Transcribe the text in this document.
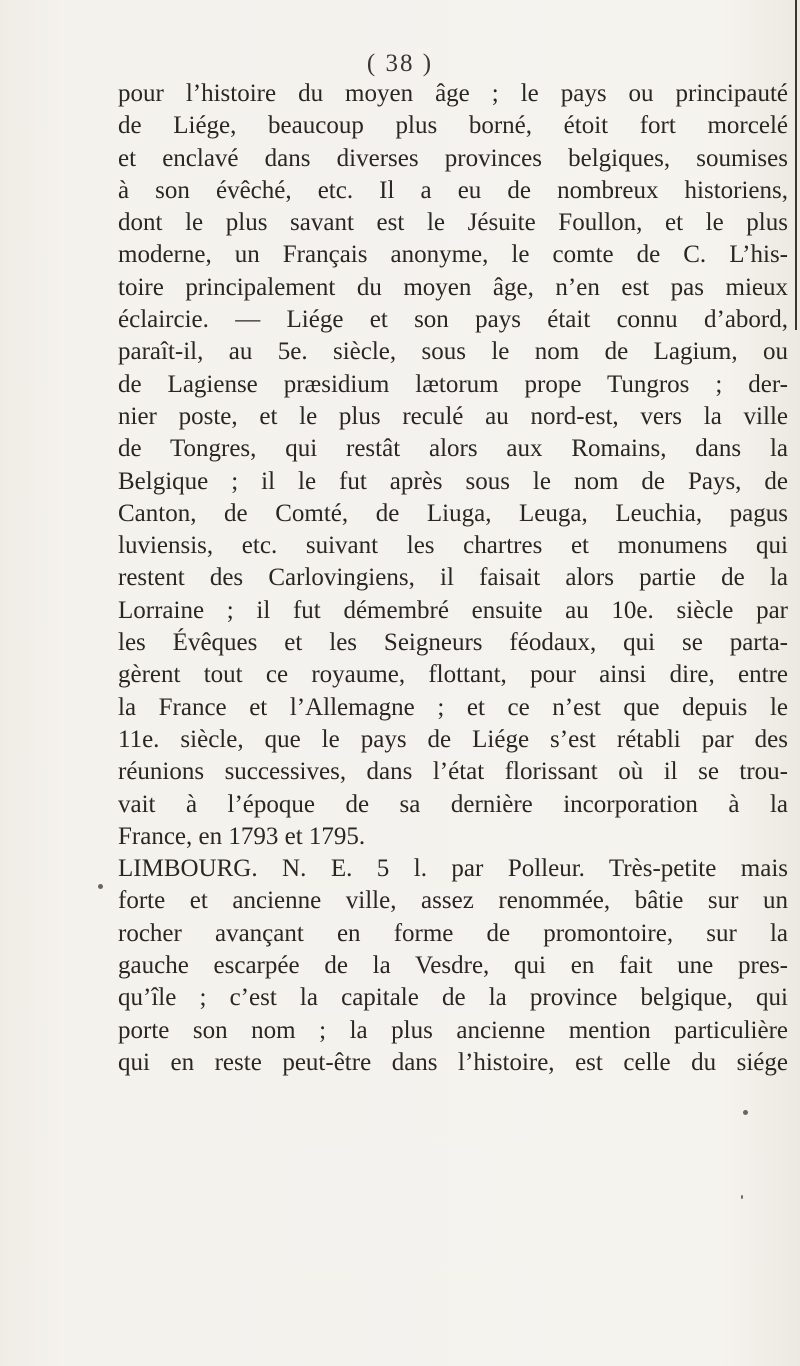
( 38 )
pour l’histoire du moyen âge ; le pays ou principauté
de Liége, beaucoup plus borné, étoit fort morcelé
et enclavé dans diverses provinces belgiques, soumises
à son évêché, etc. Il a eu de nombreux historiens,
dont le plus savant est le Jésuite Foullon, et le plus
moderne, un Français anonyme, le comte de C. L’his-
toire principalement du moyen âge, n’en est pas mieux
éclaircie. — Liége et son pays était connu d’abord,
paraît-il, au 5e. siècle, sous le nom de Lagium, ou
de Lagiense præsidium lætorum prope Tungros ; der-
nier poste, et le plus reculé au nord-est, vers la ville
de Tongres, qui restât alors aux Romains, dans la
Belgique ; il le fut après sous le nom de Pays, de
Canton, de Comté, de Liuga, Leuga, Leuchia, pagus
luviensis, etc. suivant les chartres et monumens qui
restent des Carlovingiens, il faisait alors partie de la
Lorraine ; il fut démembré ensuite au 10e. siècle par
les Évêques et les Seigneurs féodaux, qui se parta-
gèrent tout ce royaume, flottant, pour ainsi dire, entre
la France et l’Allemagne ; et ce n’est que depuis le
11e. siècle, que le pays de Liége s’est rétabli par des
réunions successives, dans l’état florissant où il se trou-
vait à l’époque de sa dernière incorporation à la
France, en 1793 et 1795.
LIMBOURG. N. E. 5 l. par Polleur. Très-petite mais
forte et ancienne ville, assez renommée, bâtie sur un
rocher avançant en forme de promontoire, sur la
gauche escarpée de la Vesdre, qui en fait une pres-
qu’île ; c’est la capitale de la province belgique, qui
porte son nom ; la plus ancienne mention particulière
qui en reste peut-être dans l’histoire, est celle du siége
